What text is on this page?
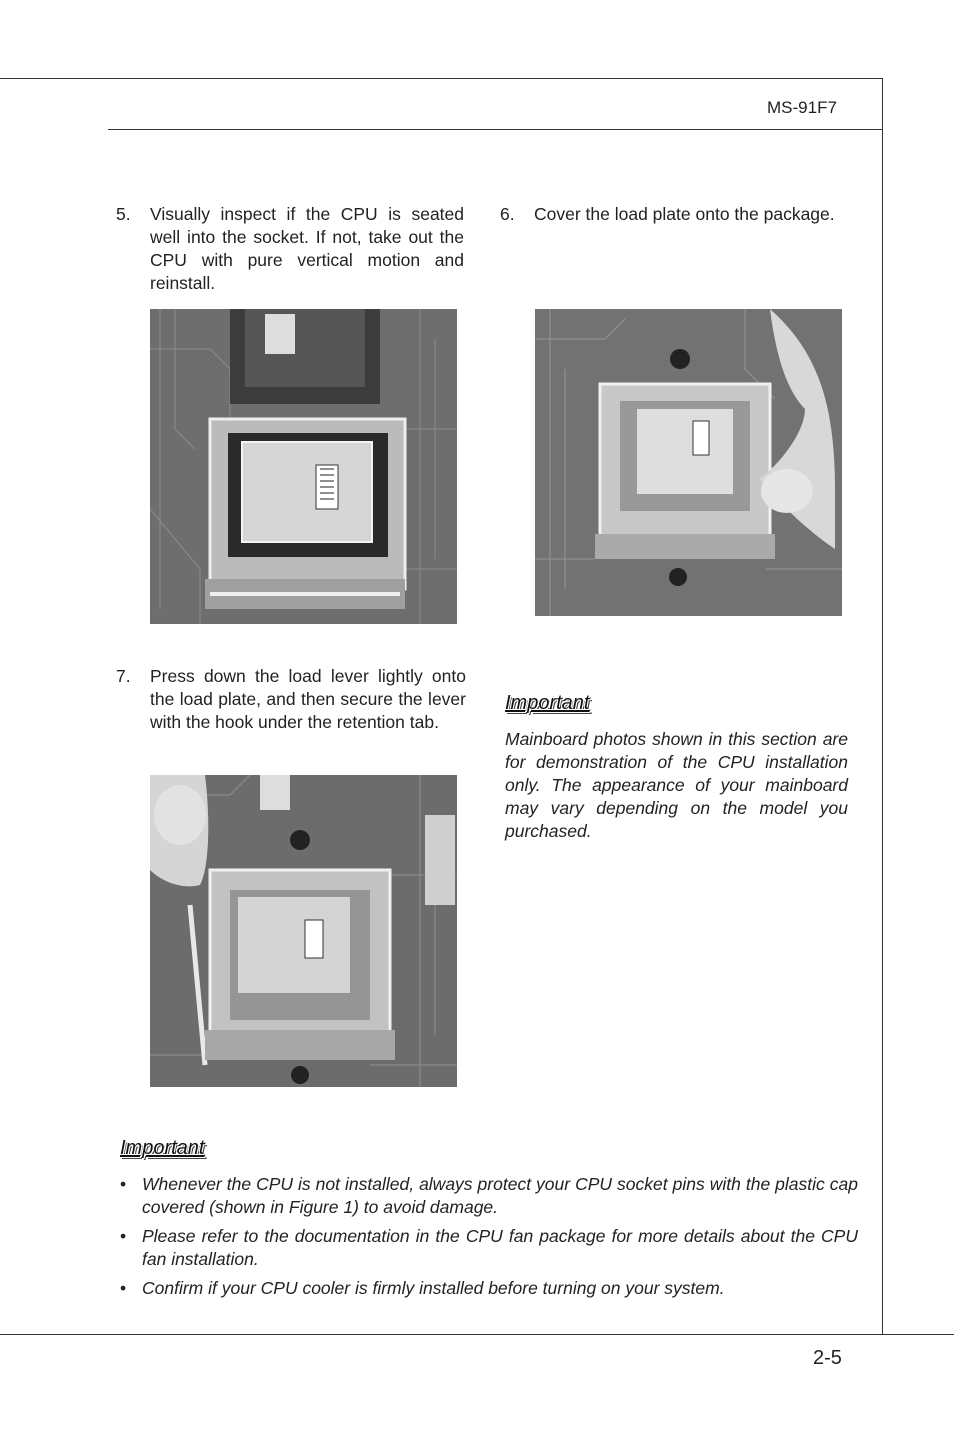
MS-91F7
5. Visually inspect if the CPU is seated well into the socket. If not, take out the CPU with pure vertical motion and reinstall.
6. Cover the load plate onto the package.
7. Press down the load lever lightly onto the load plate, and then secure the lever with the hook under the retention tab.
Important
Mainboard photos shown in this section are for demonstration of the CPU installation only. The appearance of your mainboard may vary depending on the model you purchased.
Important
• Whenever the CPU is not installed, always protect your CPU socket pins with the plastic cap covered (shown in Figure 1) to avoid damage.
• Please refer to the documentation in the CPU fan package for more details about the CPU fan installation.
• Confirm if your CPU cooler is firmly installed before turning on your system.
2-5
